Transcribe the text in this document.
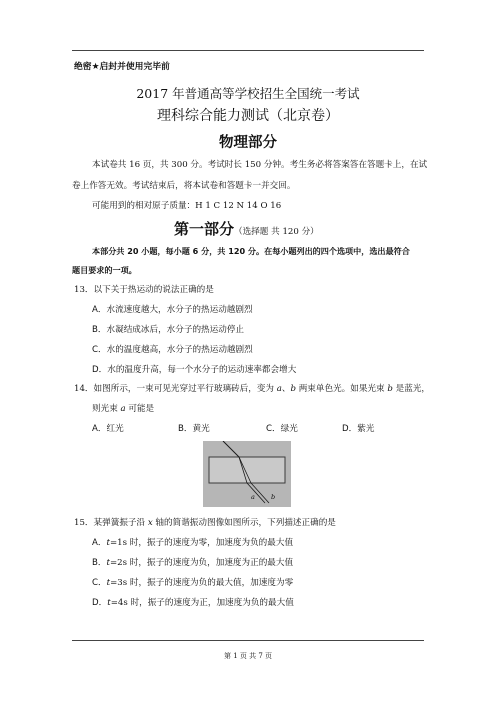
绝密★启封并使用完毕前
2017 年普通高等学校招生全国统一考试
理科综合能力测试（北京卷）
物理部分
本试卷共 16 页，共 300 分。考试时长 150 分钟。考生务必将答案答在答题卡上，在试
卷上作答无效。考试结束后，将本试卷和答题卡一并交回。
可能用到的相对原子质量：H 1 C 12 N 14 O 16
第一部分（选择题 共 120 分）
本部分共 20 小题，每小题 6 分，共 120 分。在每小题列出的四个选项中，选出最符合
题目要求的一项。
13．以下关于热运动的说法正确的是
A．水流速度越大，水分子的热运动越剧烈
B．水凝结成冰后，水分子的热运动停止
C．水的温度越高，水分子的热运动越剧烈
D．水的温度升高，每一个水分子的运动速率都会增大
14．如图所示，一束可见光穿过平行玻璃砖后，变为 a、b 两束单色光。如果光束 b 是蓝光，
则光束 a 可能是
A．红光	B．黄光	C．绿光	D．紫光
a b
15．某弹簧振子沿 x 轴的简谐振动图像如图所示，下列描述正确的是
A．t=1s 时，振子的速度为零，加速度为负的最大值
B．t=2s 时，振子的速度为负，加速度为正的最大值
C．t=3s 时，振子的速度为负的最大值，加速度为零
D．t=4s 时，振子的速度为正，加速度为负的最大值
第 1 页 共 7 页
